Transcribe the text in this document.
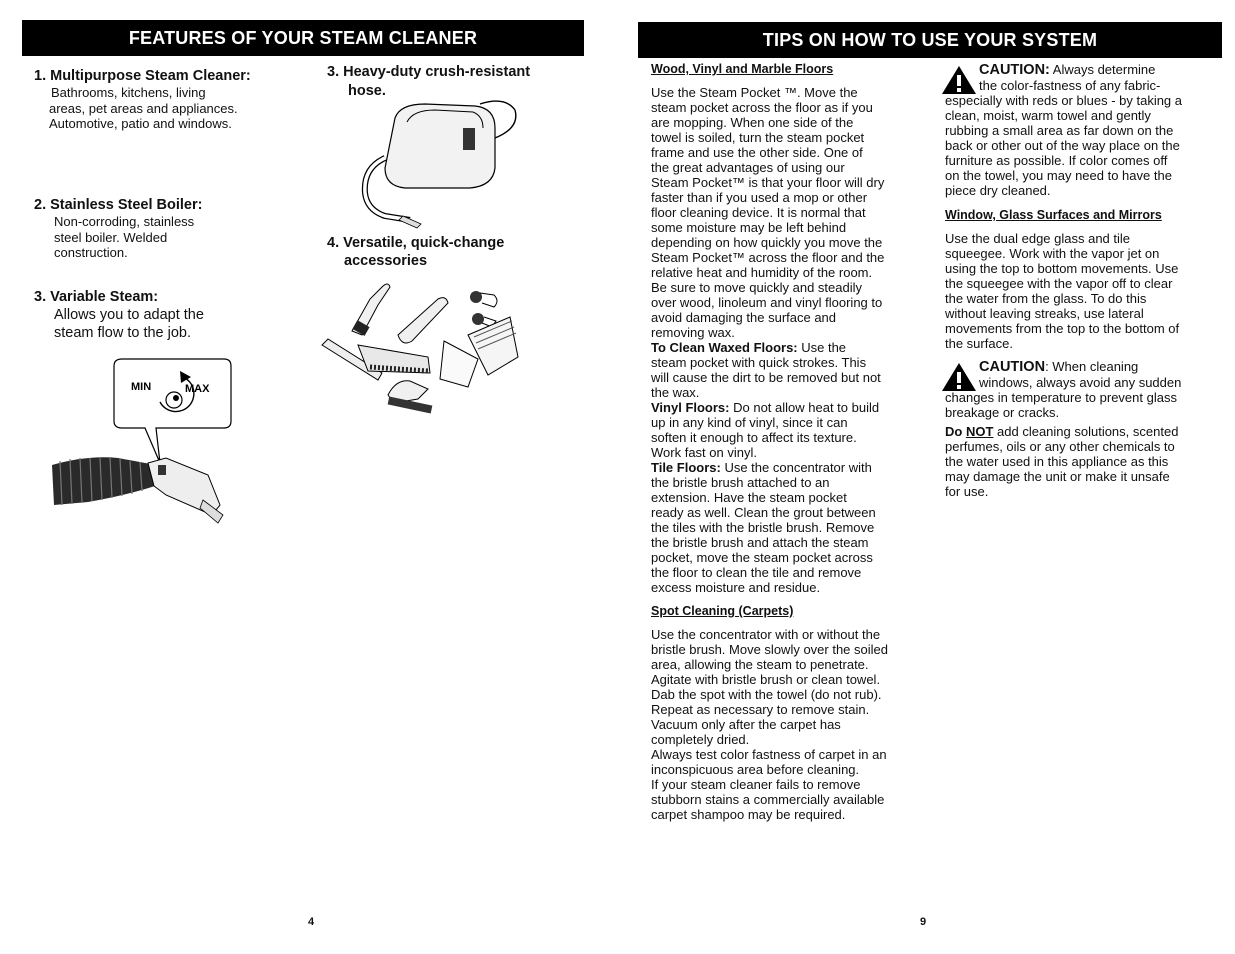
FEATURES OF YOUR STEAM CLEANER
1. Multipurpose Steam Cleaner:
Bathrooms, kitchens, living
areas, pet areas and appliances.
Automotive, patio and windows.
2. Stainless Steel Boiler:
Non-corroding, stainless
steel boiler. Welded
construction.
3. Variable Steam:
Allows you to adapt the
steam flow to the job.
MIN	MAX
3. Heavy-duty crush-resistant
hose.
4. Versatile, quick-change
accessories
4
TIPS ON HOW TO USE YOUR SYSTEM
Wood, Vinyl and Marble Floors
Use the Steam Pocket ™. Move the
steam pocket across the floor as if you
are mopping. When one side of the
towel is soiled, turn the steam pocket
frame and use the other side. One of
the great advantages of using our
Steam Pocket™ is that your floor will dry
faster than if you used a mop or other
floor cleaning device. It is normal that
some moisture may be left behind
depending on how quickly you move the
Steam Pocket™ across the floor and the
relative heat and humidity of the room.
Be sure to move quickly and steadily
over wood, linoleum and vinyl flooring to
avoid damaging the surface and
removing wax.
To Clean Waxed Floors: Use the
steam pocket with quick strokes. This
will cause the dirt to be removed but not
the wax.
Vinyl Floors: Do not allow heat to build
up in any kind of vinyl, since it can
soften it enough to affect its texture.
Work fast on vinyl.
Tile Floors: Use the concentrator with
the bristle brush attached to an
extension. Have the steam pocket
ready as well. Clean the grout between
the tiles with the bristle brush. Remove
the bristle brush and attach the steam
pocket, move the steam pocket across
the floor to clean the tile and remove
excess moisture and residue.
Spot Cleaning (Carpets)
Use the concentrator with or without the
bristle brush. Move slowly over the soiled
area, allowing the steam to penetrate.
Agitate with bristle brush or clean towel.
Dab the spot with the towel (do not rub).
Repeat as necessary to remove stain.
Vacuum only after the carpet has
completely dried.
Always test color fastness of carpet in an
inconspicuous area before cleaning.
If your steam cleaner fails to remove
stubborn stains a commercially available
carpet shampoo may be required.
CAUTION: Always determine
the color-fastness of any fabric-
especially with reds or blues - by taking a
clean, moist, warm towel and gently
rubbing a small area as far down on the
back or other out of the way place on the
furniture as possible. If color comes off
on the towel, you may need to have the
piece dry cleaned.
Window, Glass Surfaces and Mirrors
Use the dual edge glass and tile
squeegee. Work with the vapor jet on
using the top to bottom movements. Use
the squeegee with the vapor off to clear
the water from the glass. To do this
without leaving streaks, use lateral
movements from the top to the bottom of
the surface.
CAUTION: When cleaning
windows, always avoid any sudden
changes in temperature to prevent glass
breakage or cracks.
Do NOT add cleaning solutions, scented
perfumes, oils or any other chemicals to
the water used in this appliance as this
may damage the unit or make it unsafe
for use.
9
